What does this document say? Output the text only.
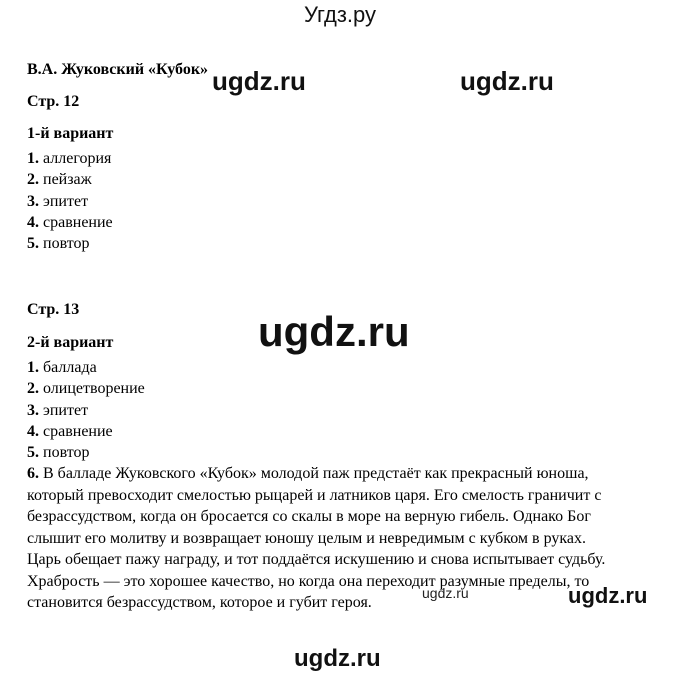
Угдз.ру
В.А. Жуковский «Кубок»
Стр. 12
1-й вариант
1. аллегория
2. пейзаж
3. эпитет
4. сравнение
5. повтор
Стр. 13
2-й вариант
1. баллада
2. олицетворение
3. эпитет
4. сравнение
5. повтор
6. В балладе Жуковского «Кубок» молодой паж предстаёт как прекрасный юноша,
который превосходит смелостью рыцарей и латников царя. Его смелость граничит с
безрассудством, когда он бросается со скалы в море на верную гибель. Однако Бог
слышит его молитву и возвращает юношу целым и невредимым с кубком в руках.
Царь обещает пажу награду, и тот поддаётся искушению и снова испытывает судьбу.
Храбрость — это хорошее качество, но когда она переходит разумные пределы, то
становится безрассудством, которое и губит героя.
ugdz.ru	ugdz.ru
ugdz.ru
ugdz.ru	ugdz.ru
ugdz.ru
